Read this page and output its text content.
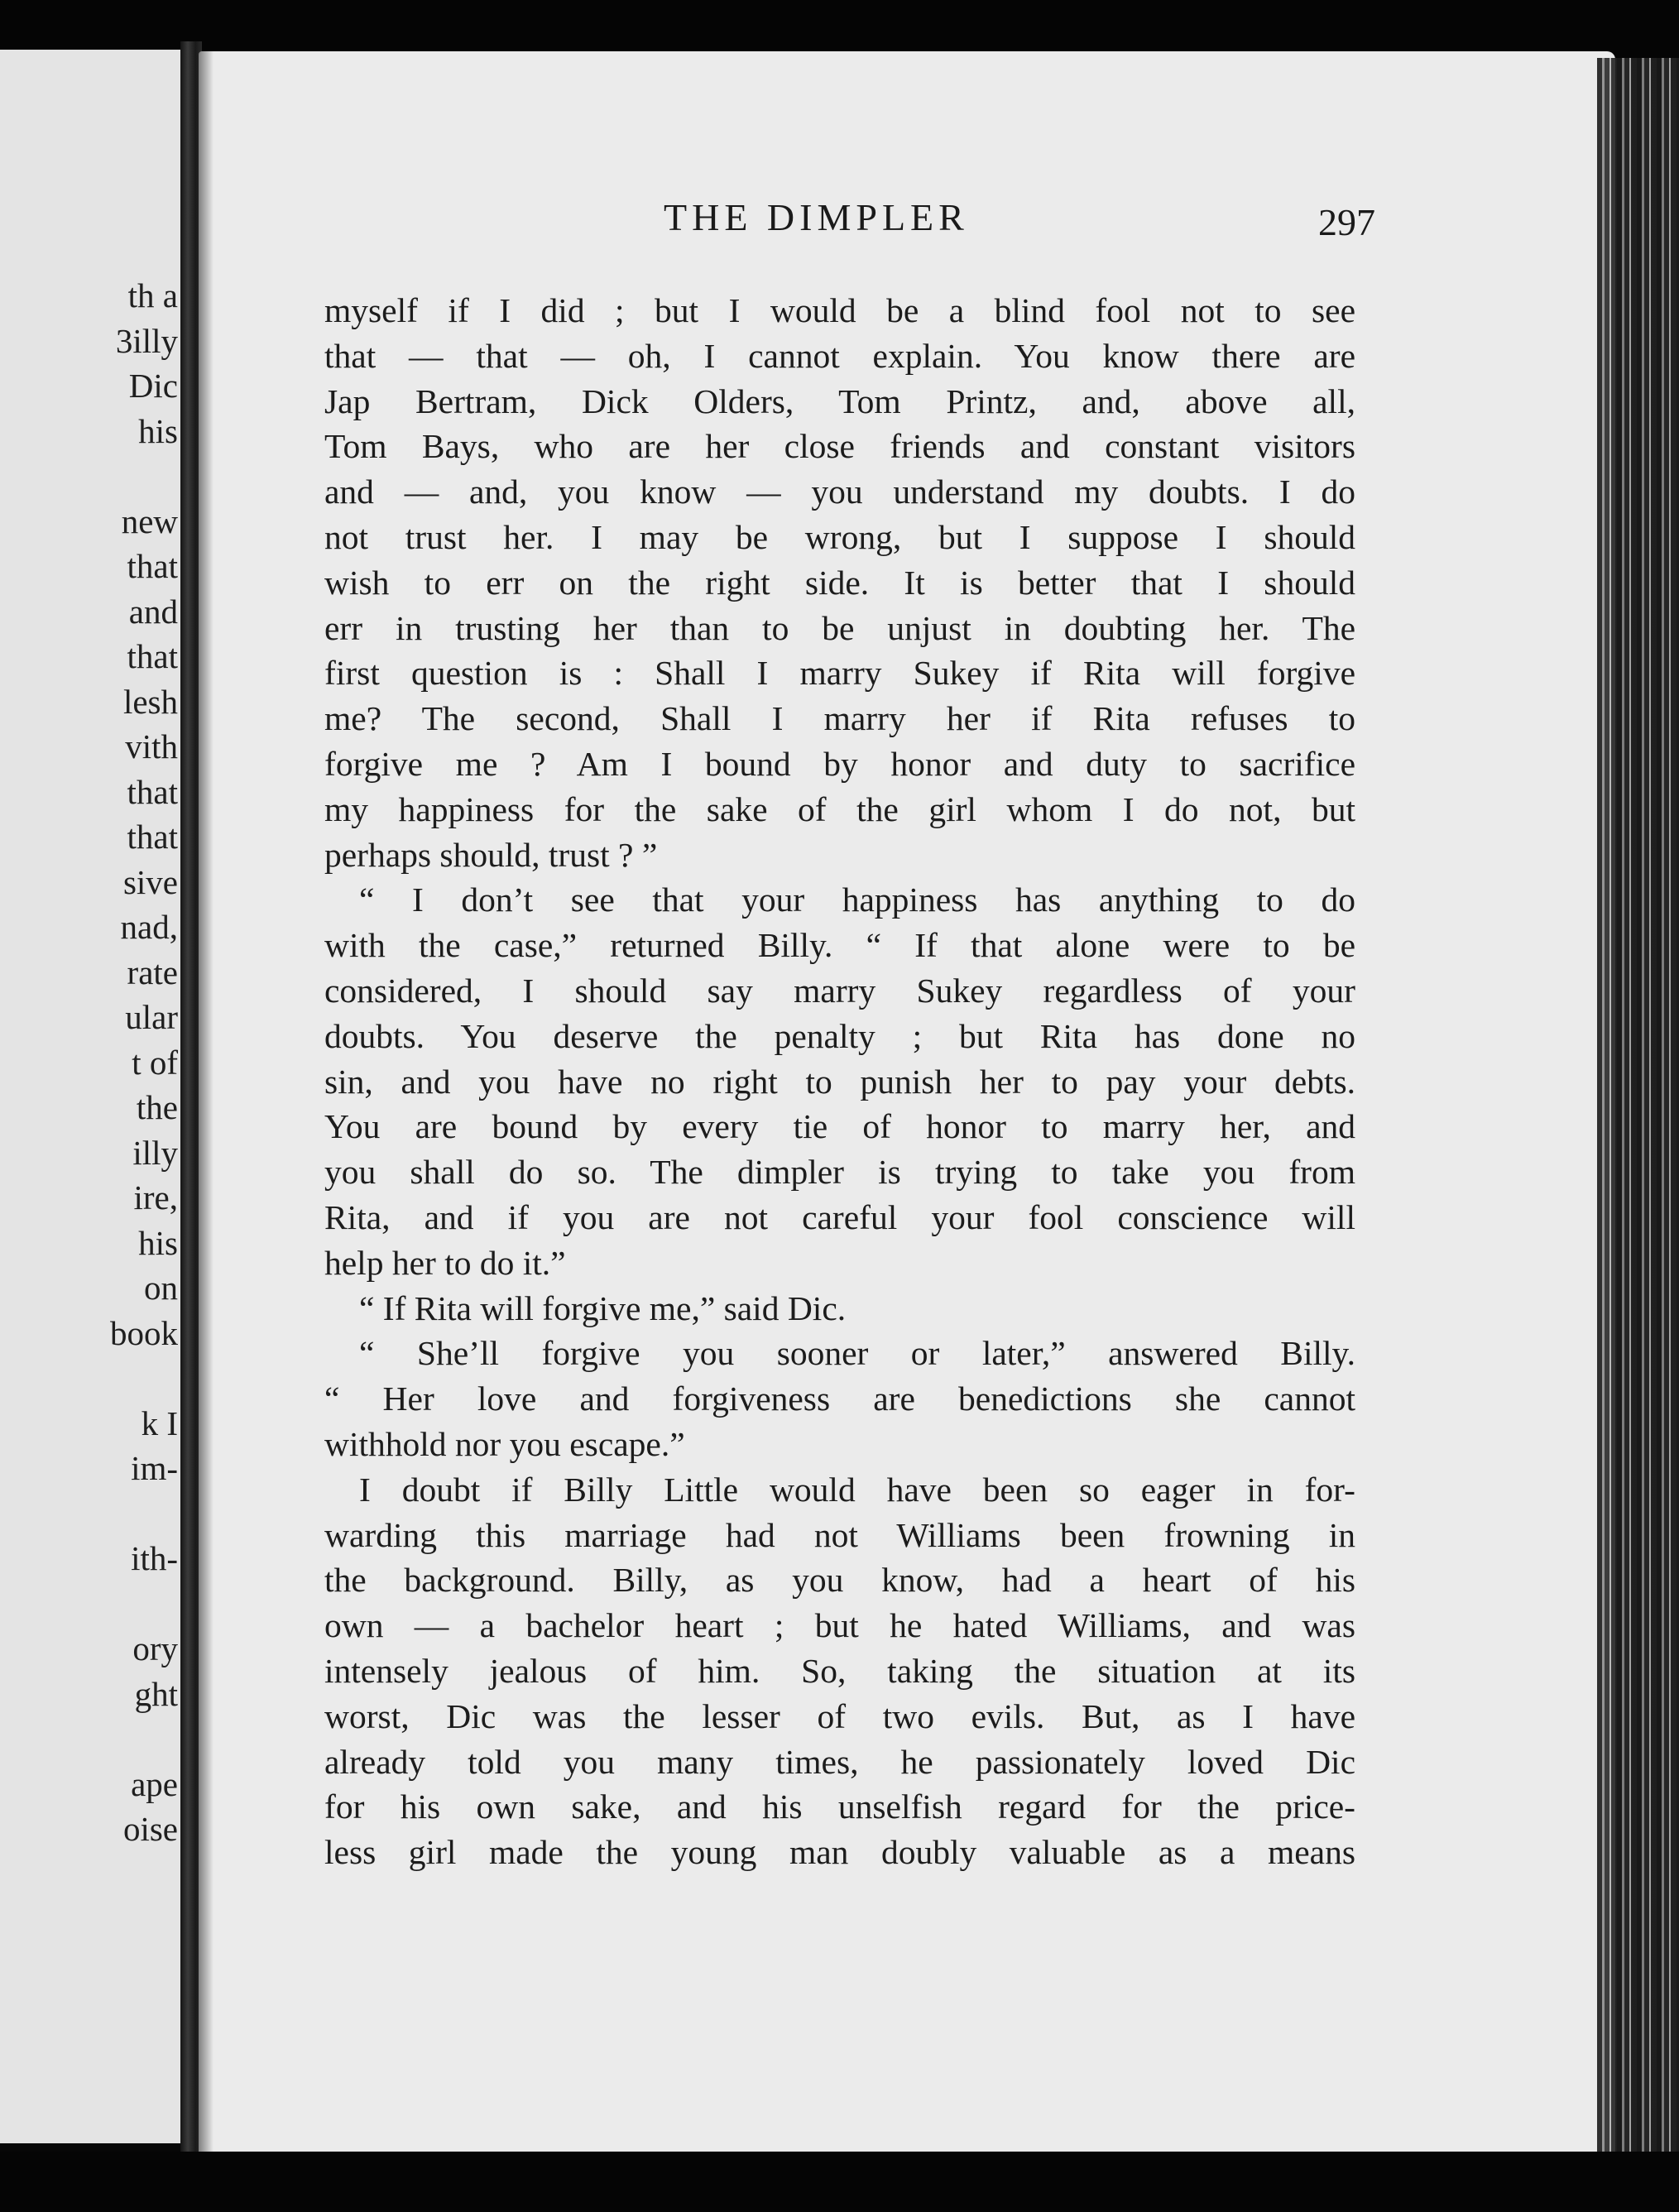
th a
3illy
Dic
his
new
that
and
that
lesh
vith
that
that
sive
nad,
rate
ular
t of
the
illy
ire,
his
on
book
k I
im-
ith-
ory
ght
ape
oise
THE DIMPLER	297
myself if I did ; but I would be a blind fool not to see
that — that — oh, I cannot explain. You know there are
Jap Bertram, Dick Olders, Tom Printz, and, above all,
Tom Bays, who are her close friends and constant visitors
and — and, you know — you understand my doubts. I do
not trust her. I may be wrong, but I suppose I should
wish to err on the right side. It is better that I should
err in trusting her than to be unjust in doubting her. The
first question is : Shall I marry Sukey if Rita will forgive
me? The second, Shall I marry her if Rita refuses to
forgive me ? Am I bound by honor and duty to sacrifice
my happiness for the sake of the girl whom I do not, but
perhaps should, trust ? ”
“ I don’t see that your happiness has anything to do
with the case,” returned Billy. “ If that alone were to be
considered, I should say marry Sukey regardless of your
doubts. You deserve the penalty ; but Rita has done no
sin, and you have no right to punish her to pay your debts.
You are bound by every tie of honor to marry her, and
you shall do so. The dimpler is trying to take you from
Rita, and if you are not careful your fool conscience will
help her to do it.”
“ If Rita will forgive me,” said Dic.
“ She’ll forgive you sooner or later,” answered Billy.
“ Her love and forgiveness are benedictions she cannot
withhold nor you escape.”
I doubt if Billy Little would have been so eager in for-
warding this marriage had not Williams been frowning in
the background. Billy, as you know, had a heart of his
own — a bachelor heart ; but he hated Williams, and was
intensely jealous of him. So, taking the situation at its
worst, Dic was the lesser of two evils. But, as I have
already told you many times, he passionately loved Dic
for his own sake, and his unselfish regard for the price-
less girl made the young man doubly valuable as a means
